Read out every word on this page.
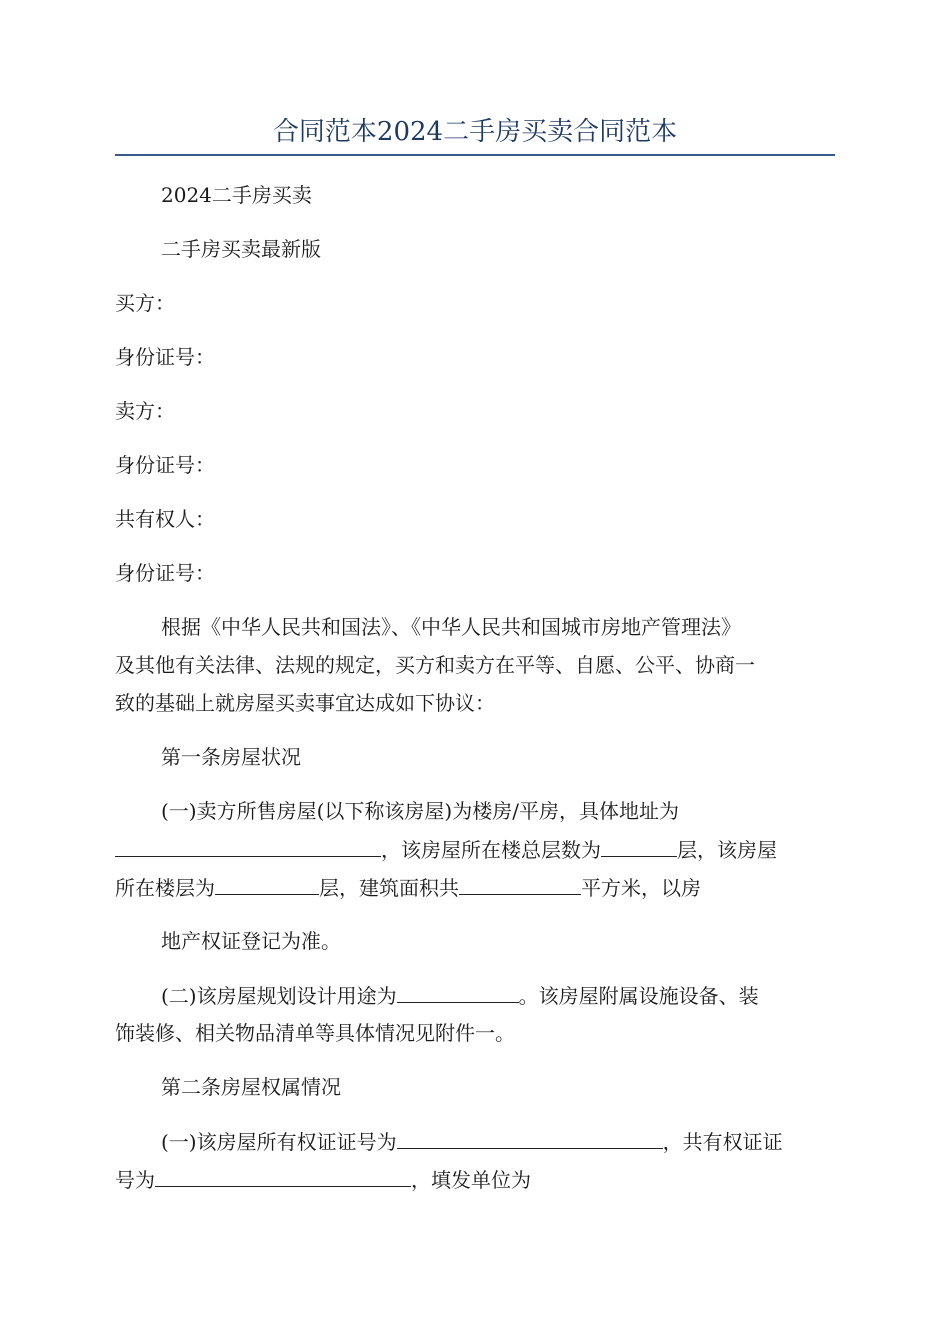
合同范本2024二手房买卖合同范本
2024二手房买卖
二手房买卖最新版
买方：
身份证号：
卖方：
身份证号：
共有权人：
身份证号：
根据《中华人民共和国法》、《中华人民共和国城市房地产管理法》
及其他有关法律、法规的规定，买方和卖方在平等、自愿、公平、协商一
致的基础上就房屋买卖事宜达成如下协议：
第一条房屋状况
(一)卖方所售房屋(以下称该房屋)为楼房/平房，具体地址为
，该房屋所在楼总层数为	层，该房屋
所在楼层为	层，建筑面积共	平方米，以房
地产权证登记为准。
(二)该房屋规划设计用途为	。该房屋附属设施设备、装
饰装修、相关物品清单等具体情况见附件一。
第二条房屋权属情况
(一)该房屋所有权证证号为	，共有权证证
号为	，填发单位为
